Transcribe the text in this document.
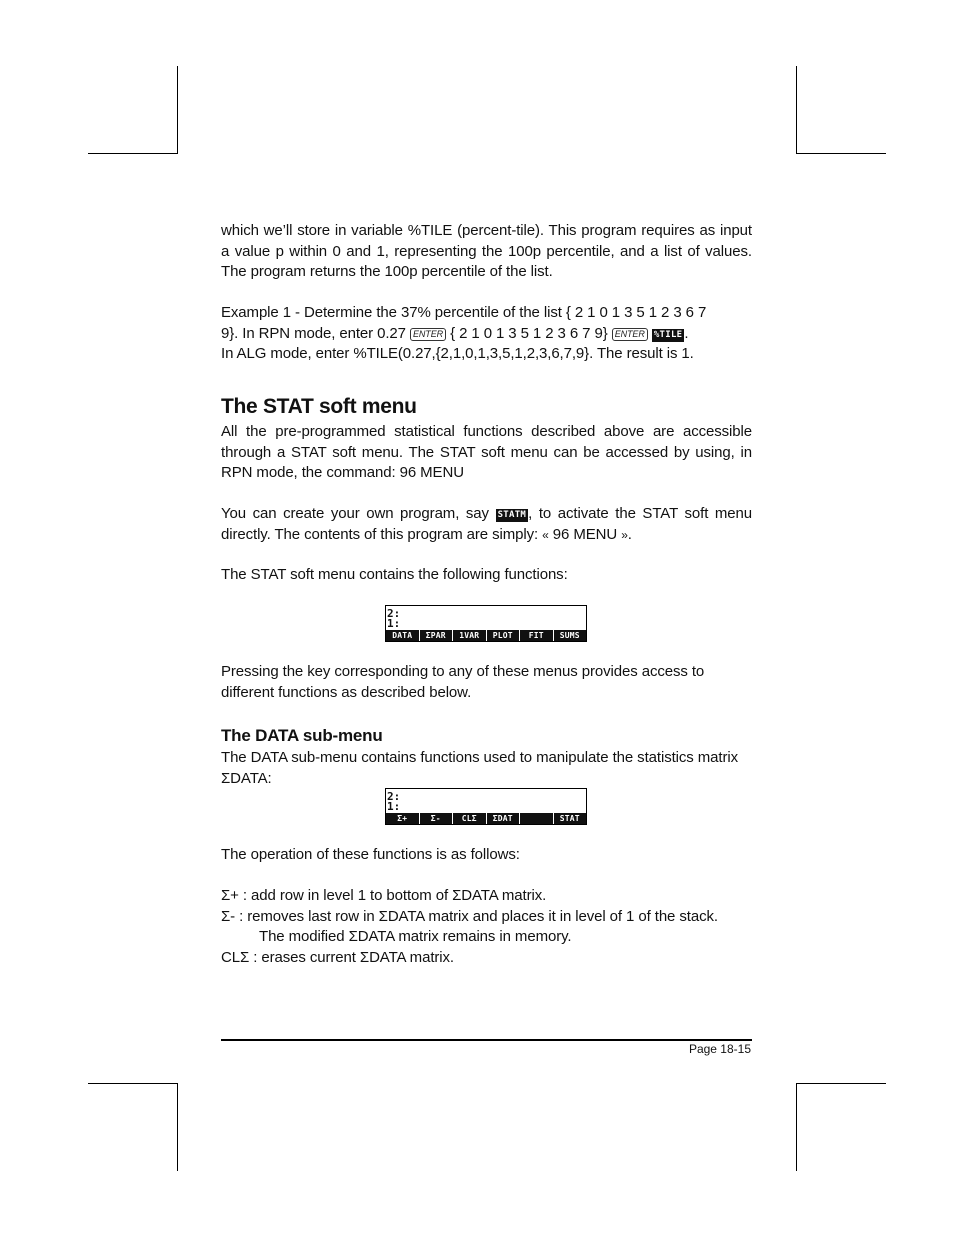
which we’ll store in variable %TILE (percent-tile). This program requires as input a value p within 0 and 1, representing the 100p percentile, and a list of values. The program returns the 100p percentile of the list.
Example 1 - Determine the 37% percentile of the list { 2 1 0 1 3 5 1 2 3 6 7
9}. In RPN mode, enter 0.27 ENTER { 2 1 0 1 3 5 1 2 3 6 7 9} ENTER %TILE .
In ALG mode, enter %TILE(0.27,{2,1,0,1,3,5,1,2,3,6,7,9}. The result is 1.
The STAT soft menu
All the pre-programmed statistical functions described above are accessible through a STAT soft menu. The STAT soft menu can be accessed by using, in RPN mode, the command: 96 MENU
You can create your own program, say STATM , to activate the STAT soft menu directly. The contents of this program are simply: « 96 MENU ».
The STAT soft menu contains the following functions:
2:
1:
DATA	ΣPAR	1VAR	PLOT	FIT	SUMS
Pressing the key corresponding to any of these menus provides access to different functions as described below.
The DATA sub-menu
The DATA sub-menu contains functions used to manipulate the statistics matrix ΣDATA:
2:
1:
Σ+	Σ-	CLΣ	ΣDAT	STAT
The operation of these functions is as follows:
Σ+ : add row in level 1 to bottom of ΣDATA matrix.
Σ- : removes last row in ΣDATA matrix and places it in level of 1 of the stack.
The modified ΣDATA matrix remains in memory.
CLΣ : erases current ΣDATA matrix.
Page 18-15
